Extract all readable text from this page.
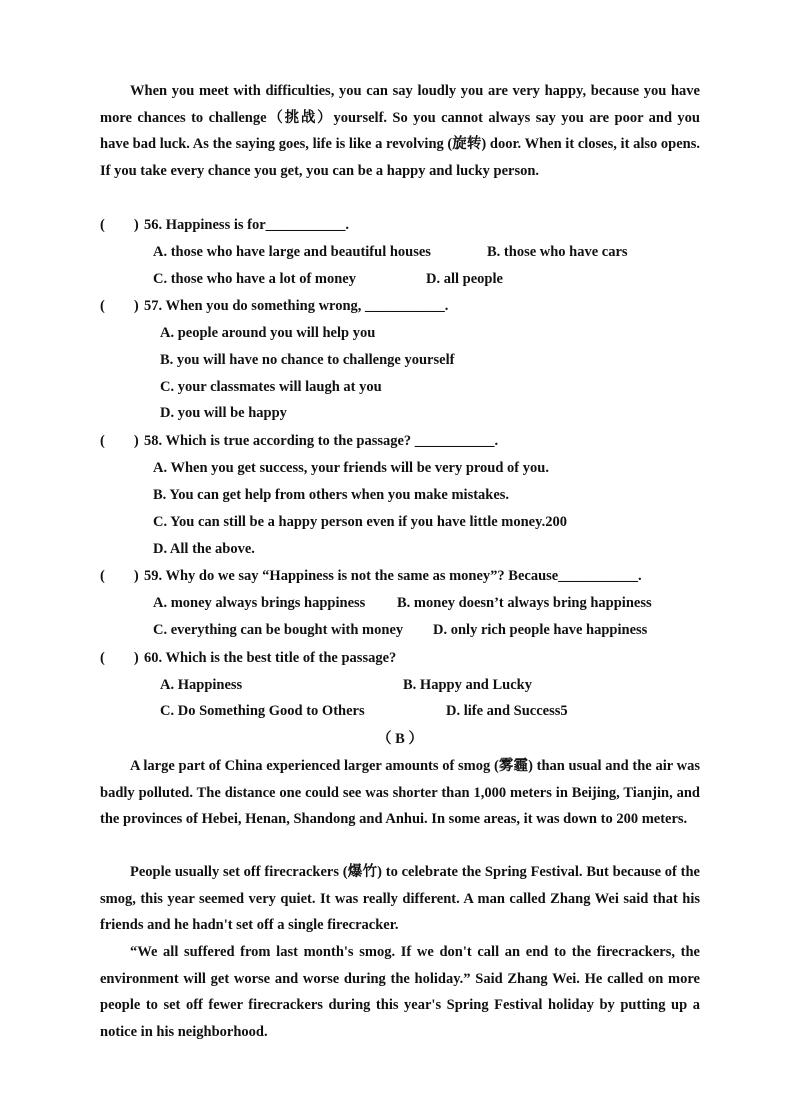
When you meet with difficulties, you can say loudly you are very happy, because you have more chances to challenge（挑战）yourself. So you cannot always say you are poor and you have bad luck. As the saying goes, life is like a revolving (旋转) door. When it closes, it also opens. If you take every chance you get, you can be a happy and lucky person.

(　　) 56. Happiness is for___________.
A. those who have large and beautiful houses	B. those who have cars
C. those who have a lot of money	D. all people
(　　) 57. When you do something wrong, ___________.
A. people around you will help you
B. you will have no chance to challenge yourself
C. your classmates will laugh at you
D. you will be happy
(　　) 58. Which is true according to the passage? ___________.
A. When you get success, your friends will be very proud of you.
B. You can get help from others when you make mistakes.
C. You can still be a happy person even if you have little money.200
D. All the above.
(　　) 59. Why do we say “Happiness is not the same as money”? Because___________.
A. money always brings happiness B. money doesn’t always bring happiness
C. everything can be bought with money D. only rich people have happiness
(　　) 60. Which is the best title of the passage?
A. Happiness	B. Happy and Lucky
C. Do Something Good to Others	D. life and Success5
（ B ）

A large part of China experienced larger amounts of smog (雾霾) than usual and the air was badly polluted. The distance one could see was shorter than 1,000 meters in Beijing, Tianjin, and the provinces of Hebei, Henan, Shandong and Anhui. In some areas, it was down to 200 meters.

People usually set off firecrackers (爆竹) to celebrate the Spring Festival. But because of the smog, this year seemed very quiet. It was really different. A man called Zhang Wei said that his friends and he hadn't set off a single firecracker.

“We all suffered from last month's smog. If we don't call an end to the firecrackers, the environment will get worse and worse during the holiday.” Said Zhang Wei. He called on more people to set off fewer firecrackers during this year's Spring Festival holiday by putting up a notice in his neighborhood.
